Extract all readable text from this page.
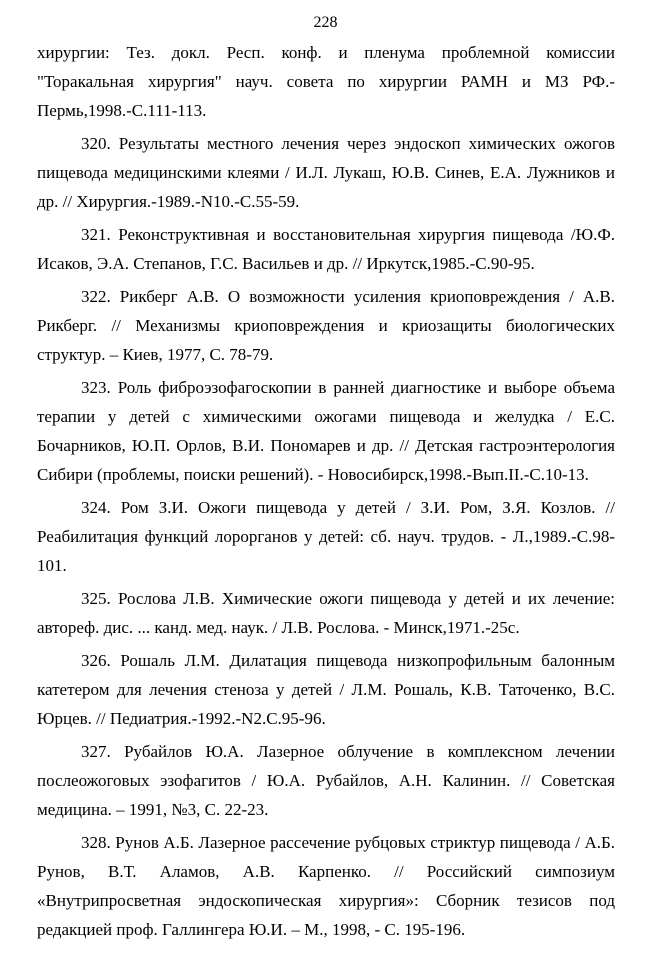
228

хирургии: Тез. докл. Респ. конф. и пленума проблемной комиссии "Торакальная хирургия" науч. совета по хирургии РАМН и МЗ РФ.- Пермь,1998.-С.111-113.

320. Результаты местного лечения через эндоскоп химических ожогов пищевода медицинскими клеями / И.Л. Лукаш, Ю.В. Синев, Е.А. Лужников и др. // Хирургия.-1989.-N10.-С.55-59.

321. Реконструктивная и восстановительная хирургия пищевода /Ю.Ф. Исаков, Э.А. Степанов, Г.С. Васильев и др. // Иркутск,1985.-С.90-95.

322. Рикберг А.В. О возможности усиления криоповреждения / А.В. Рикберг. // Механизмы криоповреждения и криозащиты биологических структур. – Киев, 1977, С. 78-79.

323. Роль фиброэзофагоскопии в ранней диагностике и выборе объема терапии у детей с химическими ожогами пищевода и желудка / Е.С. Бочарников, Ю.П. Орлов, В.И. Пономарев и др. // Детская гастроэнтерология Сибири (проблемы, поиски решений). - Новосибирск,1998.-Вып.II.-С.10-13.

324. Ром З.И. Ожоги пищевода у детей / З.И. Ром, З.Я. Козлов. // Реабилитация функций лорорганов у детей: сб. науч. трудов. - Л.,1989.-С.98-101.

325. Рословa Л.В. Химические ожоги пищевода у детей и их лечение: автореф. дис. ... канд. мед. наук. / Л.В. Рословa. - Минск,1971.-25с.

326. Рошаль Л.М. Дилатация пищевода низкопрофильным балонным катетером для лечения стеноза у детей / Л.М. Рошаль, К.В. Таточенко, В.С. Юрцев. // Педиатрия.-1992.-N2.С.95-96.

327. Рубайлов Ю.А. Лазерное облучение в комплексном лечении послеожоговых эзофагитов / Ю.А. Рубайлов, А.Н. Калинин. // Советская медицина. – 1991, №3, С. 22-23.

328. Рунов А.Б. Лазерное рассечение рубцовых стриктур пищевода / А.Б. Рунов, В.Т. Аламов, А.В. Карпенко. // Российский симпозиум «Внутрипросветная эндоскопическая хирургия»: Сборник тезисов под редакцией проф. Галлингера Ю.И. – М., 1998, - С. 195-196.
